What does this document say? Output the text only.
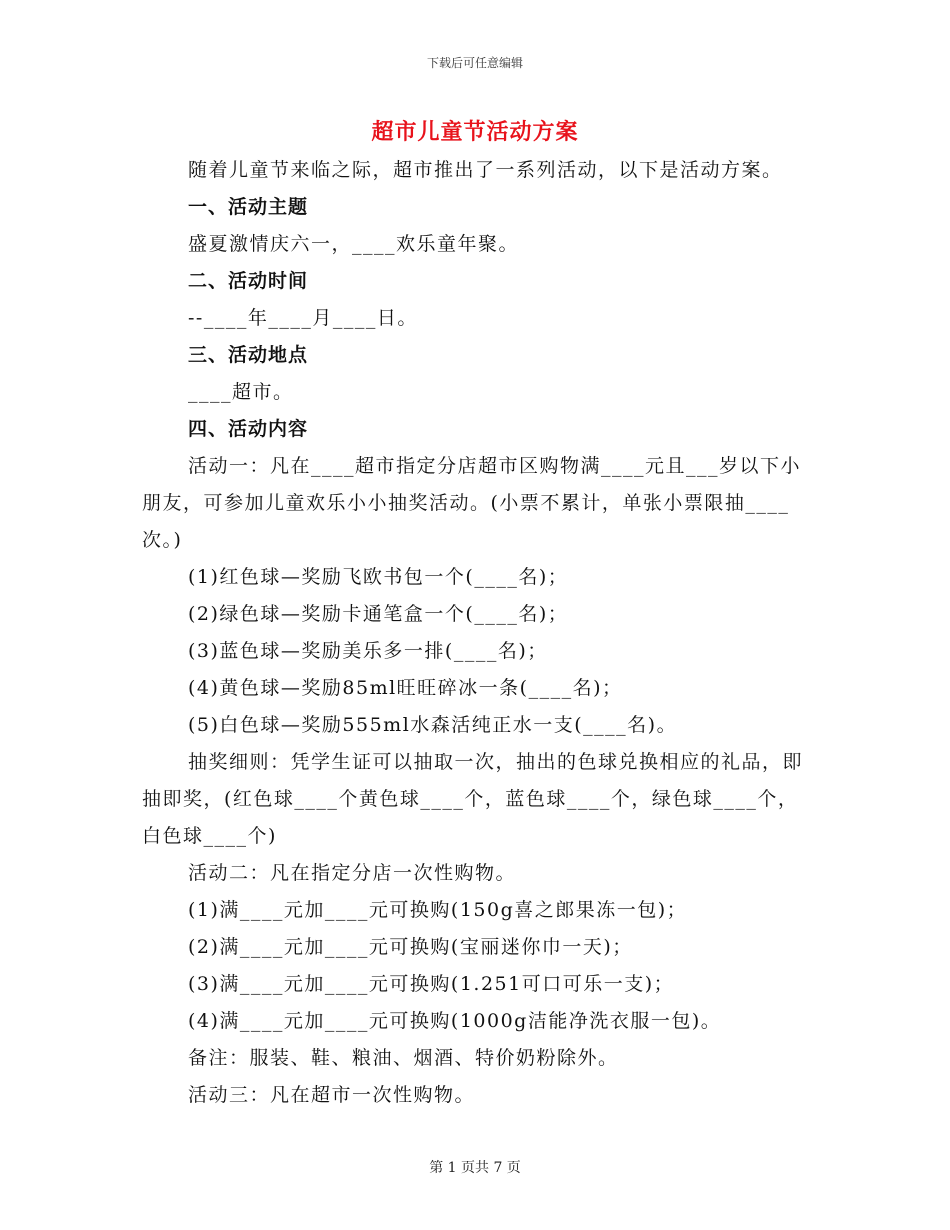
下载后可任意编辑
超市儿童节活动方案

随着儿童节来临之际，超市推出了一系列活动，以下是活动方案。

一、活动主题

盛夏激情庆六一，____欢乐童年聚。

二、活动时间

--____年____月____日。

三、活动地点

____超市。

四、活动内容

活动一：凡在____超市指定分店超市区购物满____元且___岁以下小朋友，可参加儿童欢乐小小抽奖活动。(小票不累计，单张小票限抽____次。)

(1)红色球—奖励飞欧书包一个(____名)；

(2)绿色球—奖励卡通笔盒一个(____名)；

(3)蓝色球—奖励美乐多一排(____名)；

(4)黄色球—奖励85ml旺旺碎冰一条(____名)；

(5)白色球—奖励555ml水森活纯正水一支(____名)。

抽奖细则：凭学生证可以抽取一次，抽出的色球兑换相应的礼品，即抽即奖，(红色球____个黄色球____个，蓝色球____个，绿色球____个，白色球____个)

活动二：凡在指定分店一次性购物。

(1)满____元加____元可换购(150g喜之郎果冻一包)；

(2)满____元加____元可换购(宝丽迷你巾一天)；

(3)满____元加____元可换购(1.251可口可乐一支)；

(4)满____元加____元可换购(1000g洁能净洗衣服一包)。

备注：服装、鞋、粮油、烟酒、特价奶粉除外。

活动三：凡在超市一次性购物。

第 1 页共 7 页
